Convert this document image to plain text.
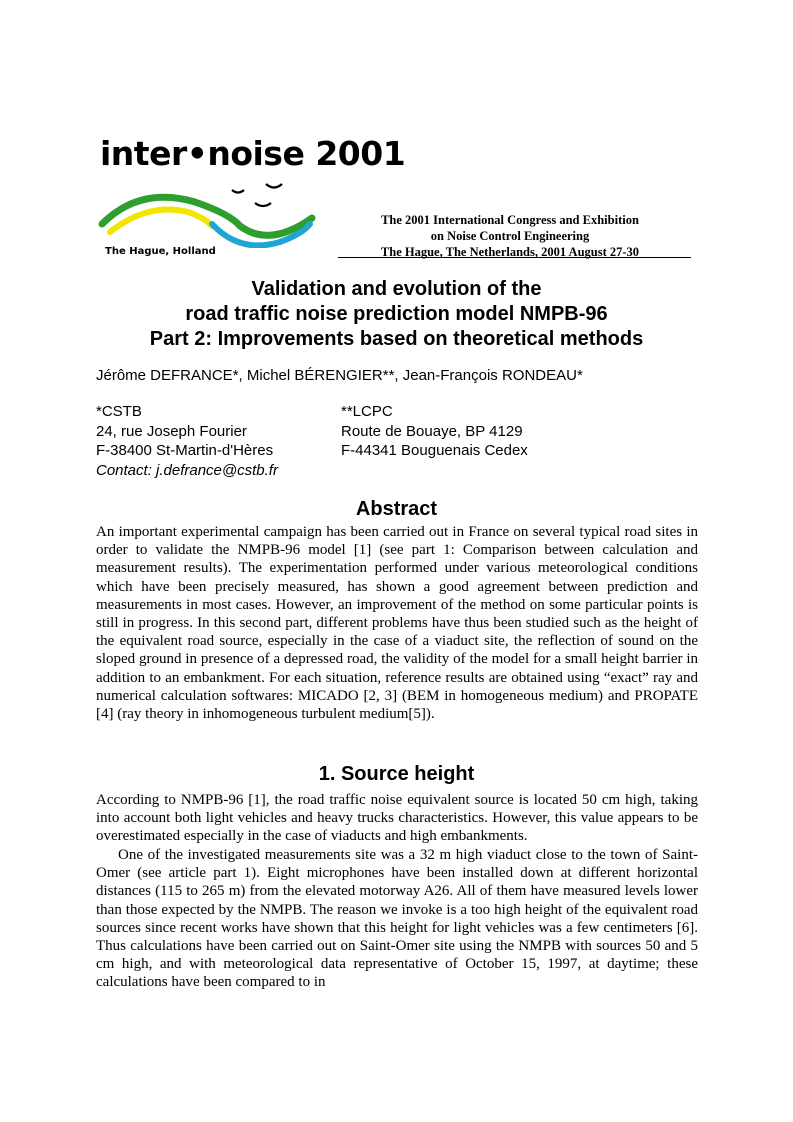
inter•noise 2001
The Hague, Holland
The 2001 International Congress and Exhibition
on Noise Control Engineering
The Hague, The Netherlands, 2001 August 27-30
Validation and evolution of the
road traffic noise prediction model NMPB-96
Part 2: Improvements based on theoretical methods
Jérôme DEFRANCE*, Michel BÉRENGIER**, Jean-François RONDEAU*
*CSTB
24, rue Joseph Fourier
F-38400 St-Martin-d'Hères
Contact: j.defrance@cstb.fr
**LCPC
Route de Bouaye, BP 4129
F-44341 Bouguenais Cedex
Abstract

An important experimental campaign has been carried out in France on several typical road sites in order to validate the NMPB-96 model [1] (see part 1: Comparison between calculation and measurement results). The experimentation performed under various meteorological conditions which have been precisely measured, has shown a good agreement between prediction and measurements in most cases. However, an improvement of the method on some particular points is still in progress. In this second part, different problems have thus been studied such as the height of the equivalent road source, especially in the case of a viaduct site, the reflection of sound on the sloped ground in presence of a depressed road, the validity of the model for a small height barrier in addition to an embankment. For each situation, reference results are obtained using “exact” ray and numerical calculation softwares: MICADO [2, 3] (BEM in homogeneous medium) and PROPATE [4] (ray theory in inhomogeneous turbulent medium[5]).

1. Source height

According to NMPB-96 [1], the road traffic noise equivalent source is located 50 cm high, taking into account both light vehicles and heavy trucks characteristics. However, this value appears to be overestimated especially in the case of viaducts and high embankments.

One of the investigated measurements site was a 32 m high viaduct close to the town of Saint-Omer (see article part 1). Eight microphones have been installed down at different horizontal distances (115 to 265 m) from the elevated motorway A26. All of them have measured levels lower than those expected by the NMPB. The reason we invoke is a too high height of the equivalent road sources since recent works have shown that this height for light vehicles was a few centimeters [6]. Thus calculations have been carried out on Saint-Omer site using the NMPB with sources 50 and 5 cm high, and with meteorological data representative of October 15, 1997, at daytime; these calculations have been compared to in
